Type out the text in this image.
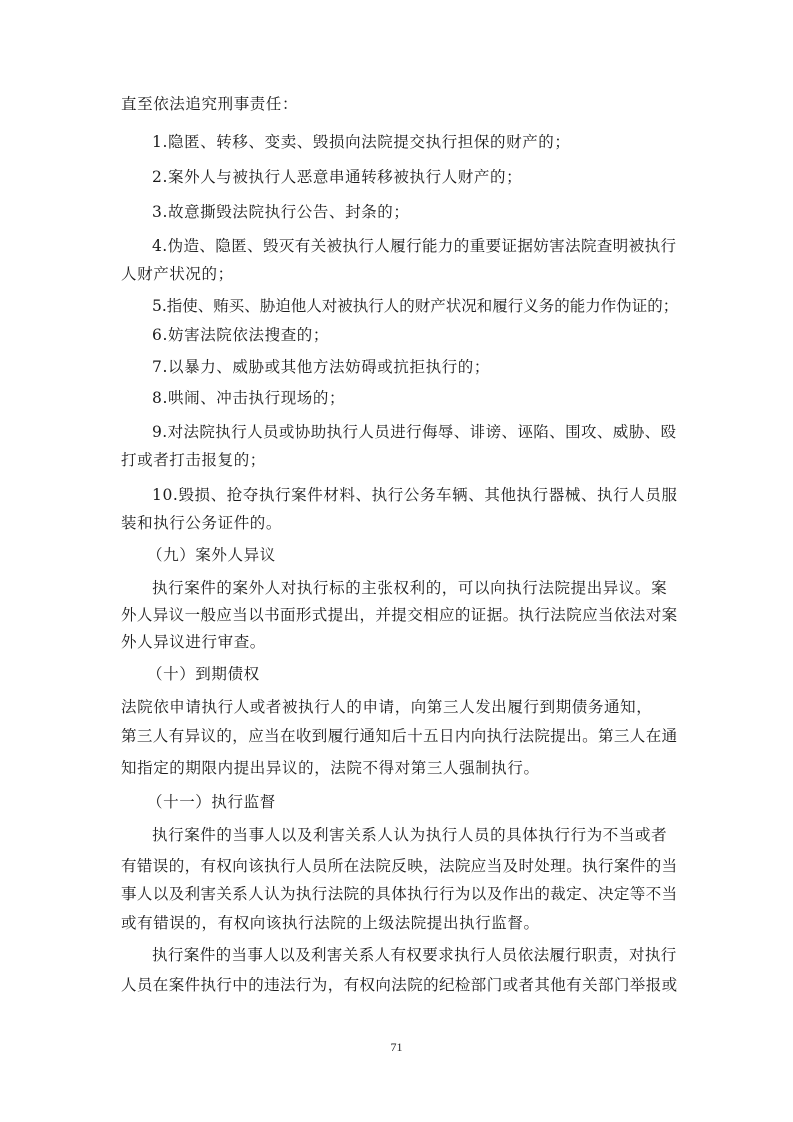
直至依法追究刑事责任：
1.隐匿、转移、变卖、毁损向法院提交执行担保的财产的；
2.案外人与被执行人恶意串通转移被执行人财产的；
3.故意撕毁法院执行公告、封条的；
4.伪造、隐匿、毁灭有关被执行人履行能力的重要证据妨害法院查明被执行
人财产状况的；
5.指使、贿买、胁迫他人对被执行人的财产状况和履行义务的能力作伪证的；
6.妨害法院依法搜查的；
7.以暴力、威胁或其他方法妨碍或抗拒执行的；
8.哄闹、冲击执行现场的；
9.对法院执行人员或协助执行人员进行侮辱、诽谤、诬陷、围攻、威胁、殴
打或者打击报复的；
10.毁损、抢夺执行案件材料、执行公务车辆、其他执行器械、执行人员服
装和执行公务证件的。
（九）案外人异议
执行案件的案外人对执行标的主张权利的，可以向执行法院提出异议。案
外人异议一般应当以书面形式提出，并提交相应的证据。执行法院应当依法对案
外人异议进行审查。
（十）到期债权
法院依申请执行人或者被执行人的申请，向第三人发出履行到期债务通知，
第三人有异议的，应当在收到履行通知后十五日内向执行法院提出。第三人在通
知指定的期限内提出异议的，法院不得对第三人强制执行。
（十一）执行监督
执行案件的当事人以及利害关系人认为执行人员的具体执行行为不当或者
有错误的，有权向该执行人员所在法院反映，法院应当及时处理。执行案件的当
事人以及利害关系人认为执行法院的具体执行行为以及作出的裁定、决定等不当
或有错误的，有权向该执行法院的上级法院提出执行监督。
执行案件的当事人以及利害关系人有权要求执行人员依法履行职责，对执行
人员在案件执行中的违法行为，有权向法院的纪检部门或者其他有关部门举报或
71
